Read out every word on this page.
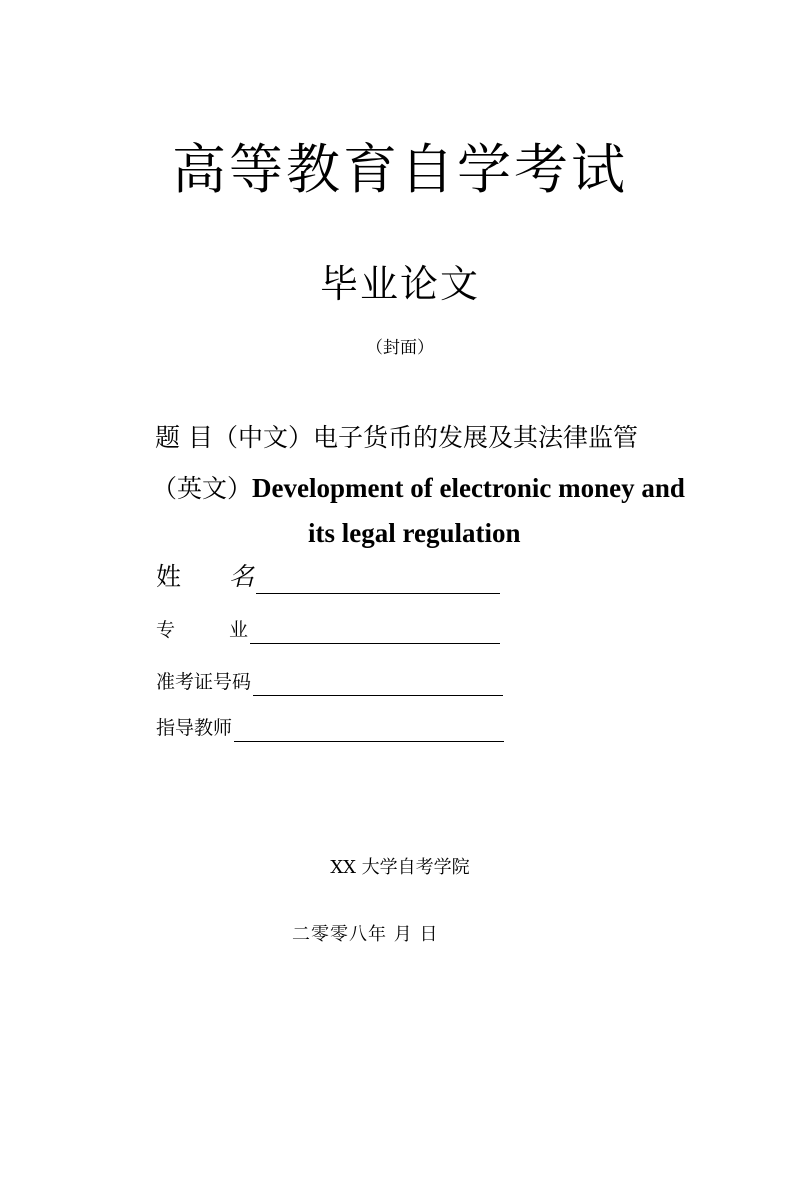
高等教育自学考试
毕业论文
（封面）
题 目（中文）电子货币的发展及其法律监管
（英文）Development of electronic money and
its legal regulation
姓 名
专	业
准考证号码
指导教师
XX 大学自考学院
二零零八年 月 日
